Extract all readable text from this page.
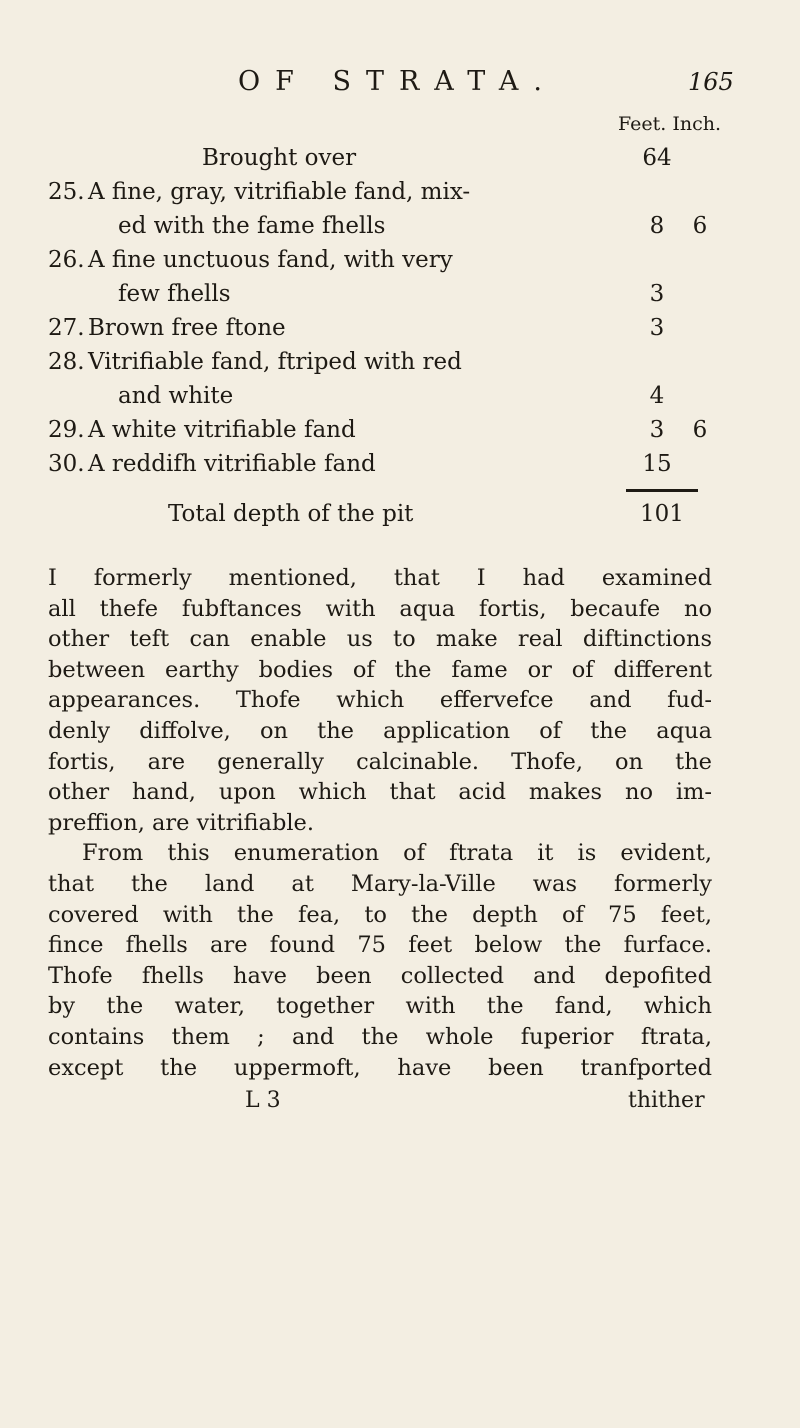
OF STRATA.	165
Feet. Inch.
Brought over	64
25. A fine, gray, vitrifiable fand, mix-
ed with the fame fhells	8	6
26. A fine unctuous fand, with very
few fhells	3
27. Brown free ftone	3
28. Vitrifiable fand, ftriped with red
and white	4
29. A white vitrifiable fand	3	6
30. A reddifh vitrifiable fand	15
Total depth of the pit	101

I formerly mentioned, that I had examined
all thefe fubftances with aqua fortis, becaufe no
other teft can enable us to make real diftinctions
between earthy bodies of the fame or of different
appearances. Thofe which effervefce and fud-
denly diffolve, on the application of the aqua
fortis, are generally calcinable. Thofe, on the
other hand, upon which that acid makes no im-
preffion, are vitrifiable.

From this enumeration of ftrata it is evident,
that the land at Mary-la-Ville was formerly
covered with the fea, to the depth of 75 feet,
fince fhells are found 75 feet below the furface.
Thofe fhells have been collected and depofited
by the water, together with the fand, which
contains them ; and the whole fuperior ftrata,
except the uppermoft, have been tranfported

L 3	thither
